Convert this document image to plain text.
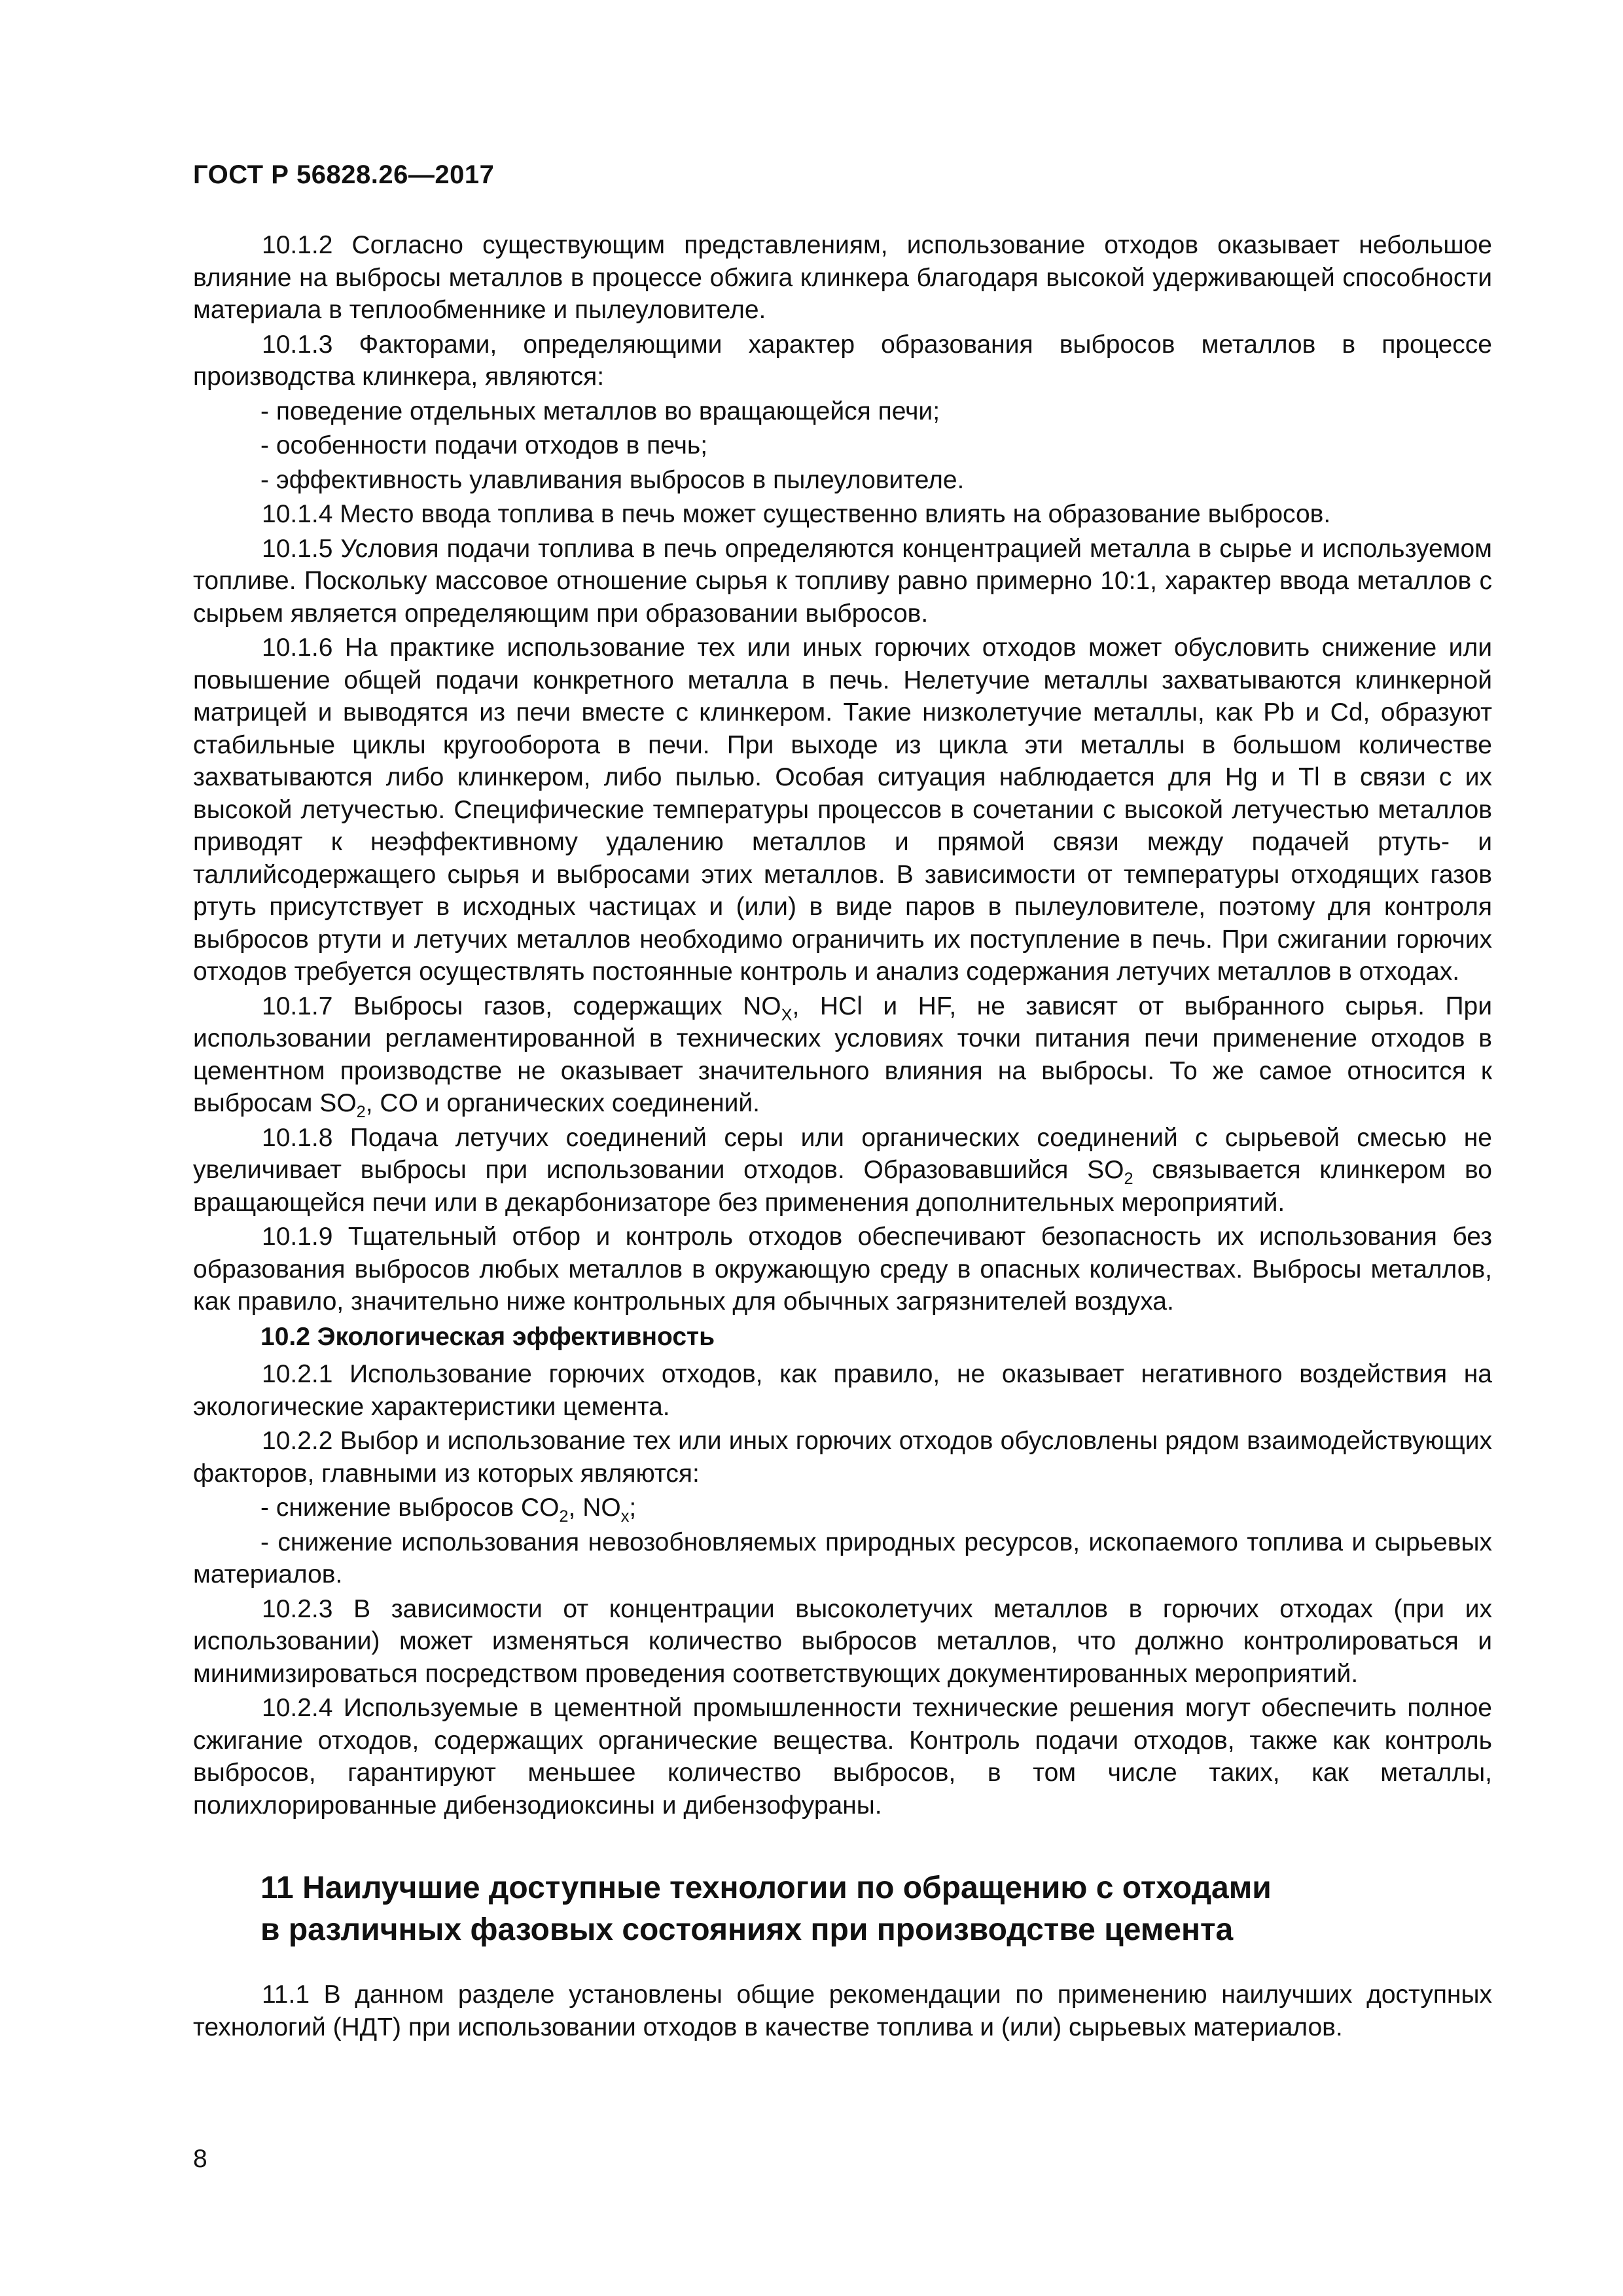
ГОСТ Р 56828.26—2017

10.1.2 Согласно существующим представлениям, использование отходов оказывает небольшое влияние на выбросы металлов в процессе обжига клинкера благодаря высокой удерживающей способности материала в теплообменнике и пылеуловителе.

10.1.3 Факторами, определяющими характер образования выбросов металлов в процессе производства клинкера, являются:

- поведение отдельных металлов во вращающейся печи;

- особенности подачи отходов в печь;

- эффективность улавливания выбросов в пылеуловителе.

10.1.4 Место ввода топлива в печь может существенно влиять на образование выбросов.

10.1.5 Условия подачи топлива в печь определяются концентрацией металла в сырье и используемом топливе. Поскольку массовое отношение сырья к топливу равно примерно 10:1, характер ввода металлов с сырьем является определяющим при образовании выбросов.

10.1.6 На практике использование тех или иных горючих отходов может обусловить снижение или повышение общей подачи конкретного металла в печь. Нелетучие металлы захватываются клинкерной матрицей и выводятся из печи вместе с клинкером. Такие низколетучие металлы, как Pb и Cd, образуют стабильные циклы кругооборота в печи. При выходе из цикла эти металлы в большом количестве захватываются либо клинкером, либо пылью. Особая ситуация наблюдается для Hg и Tl в связи с их высокой летучестью. Специфические температуры процессов в сочетании с высокой летучестью металлов приводят к неэффективному удалению металлов и прямой связи между подачей ртуть- и таллийсодержащего сырья и выбросами этих металлов. В зависимости от температуры отходящих газов ртуть присутствует в исходных частицах и (или) в виде паров в пылеуловителе, поэтому для контроля выбросов ртути и летучих металлов необходимо ограничить их поступление в печь. При сжигании горючих отходов требуется осуществлять постоянные контроль и анализ содержания летучих металлов в отходах.

10.1.7 Выбросы газов, содержащих $NO_X$, HCl и HF, не зависят от выбранного сырья. При использовании регламентированной в технических условиях точки питания печи применение отходов в цементном производстве не оказывает значительного влияния на выбросы. То же самое относится к выбросам $SO_2$, CO и органических соединений.

10.1.8 Подача летучих соединений серы или органических соединений с сырьевой смесью не увеличивает выбросы при использовании отходов. Образовавшийся $SO_2$ связывается клинкером во вращающейся печи или в декарбонизаторе без применения дополнительных мероприятий.

10.1.9 Тщательный отбор и контроль отходов обеспечивают безопасность их использования без образования выбросов любых металлов в окружающую среду в опасных количествах. Выбросы металлов, как правило, значительно ниже контрольных для обычных загрязнителей воздуха.

10.2 Экологическая эффективность

10.2.1 Использование горючих отходов, как правило, не оказывает негативного воздействия на экологические характеристики цемента.

10.2.2 Выбор и использование тех или иных горючих отходов обусловлены рядом взаимодействующих факторов, главными из которых являются:

- снижение выбросов $CO_2$, $NO_x$;

- снижение использования невозобновляемых природных ресурсов, ископаемого топлива и сырьевых материалов.

10.2.3 В зависимости от концентрации высоколетучих металлов в горючих отходах (при их использовании) может изменяться количество выбросов металлов, что должно контролироваться и минимизироваться посредством проведения соответствующих документированных мероприятий.

10.2.4 Используемые в цементной промышленности технические решения могут обеспечить полное сжигание отходов, содержащих органические вещества. Контроль подачи отходов, также как контроль выбросов, гарантируют меньшее количество выбросов, в том числе таких, как металлы, полихлорированные дибензодиоксины и дибензофураны.

11 Наилучшие доступные технологии по обращению с отходами
в различных фазовых состояниях при производстве цемента

11.1 В данном разделе установлены общие рекомендации по применению наилучших доступных технологий (НДТ) при использовании отходов в качестве топлива и (или) сырьевых материалов.

8
